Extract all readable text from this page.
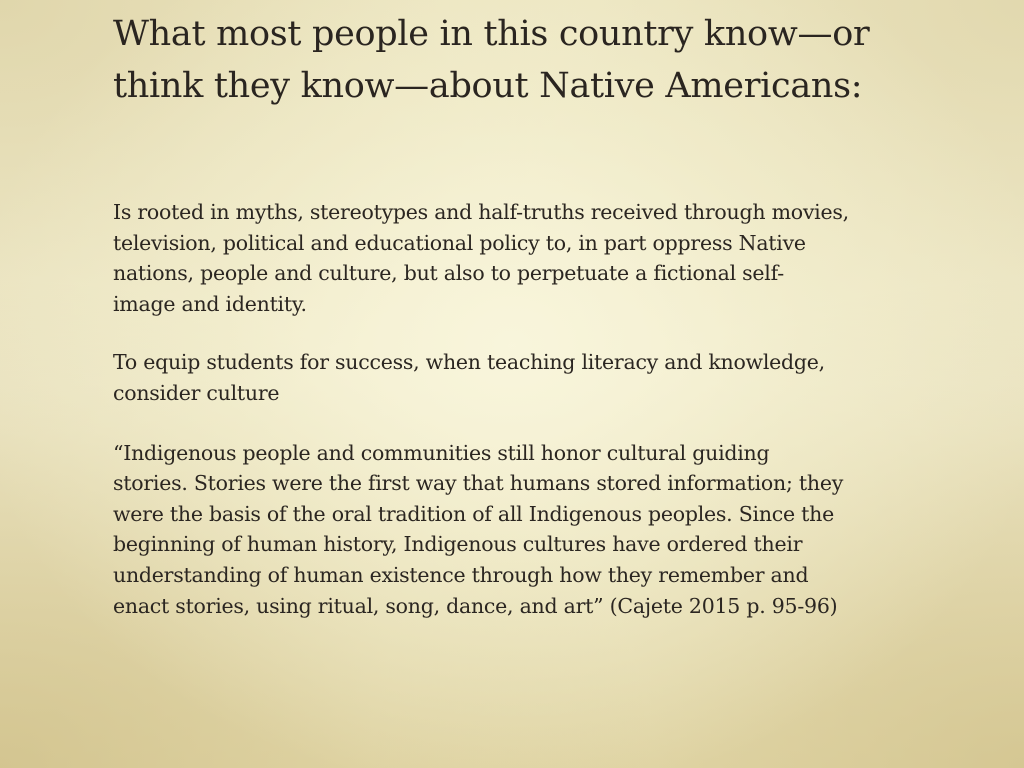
What most people in this country know—or
think they know—about Native Americans:

Is rooted in myths, stereotypes and half-truths received through movies,
television, political and educational policy to, in part oppress Native
nations, people and culture, but also to perpetuate a fictional self-
image and identity.

To equip students for success, when teaching literacy and knowledge,
consider culture

“Indigenous people and communities still honor cultural guiding
stories. Stories were the first way that humans stored information; they
were the basis of the oral tradition of all Indigenous peoples. Since the
beginning of human history, Indigenous cultures have ordered their
understanding of human existence through how they remember and
enact stories, using ritual, song, dance, and art” (Cajete 2015 p. 95-96)
